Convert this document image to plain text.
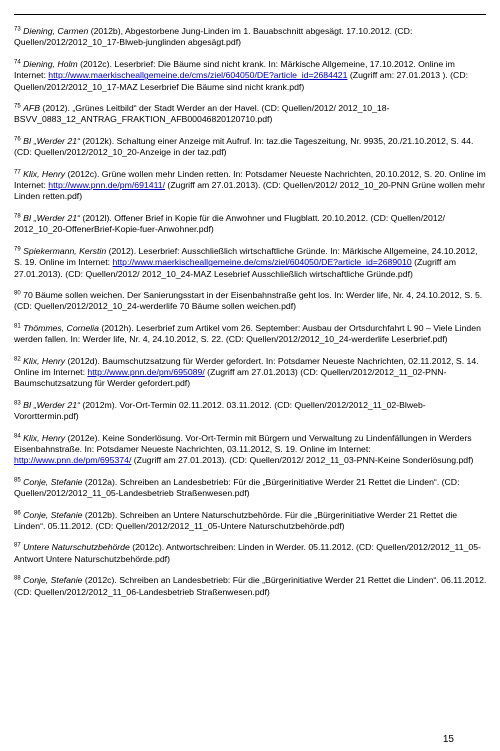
$^{73}$ Diening, Carmen (2012b), Abgestorbene Jung-Linden im 1. Bauabschnitt abgesägt. 17.10.2012. (CD: Quellen/2012/2012_10_17-Blweb-junglinden abgesägt.pdf)

$^{74}$ Diening, Holm (2012c). Leserbrief: Die Bäume sind nicht krank. In: Märkische Allgemeine, 17.10.2012. Online im Internet: http://www.maerkischeallgemeine.de/cms/ziel/604050/DE?article_id=2684421 (Zugriff am: 27.01.2013 ). (CD: Quellen/2012/2012_10_17-MAZ Leserbrief Die Bäume sind nicht krank.pdf)

$^{75}$ AFB (2012). „Grünes Leitbild“ der Stadt Werder an der Havel. (CD: Quellen/2012/ 2012_10_18-BSVV_0883_12_ANTRAG_FRAKTION_AFB00046820120710.pdf)

$^{76}$ BI „Werder 21“ (2012k). Schaltung einer Anzeige mit Aufruf. In: taz.die Tageszeitung, Nr. 9935, 20./21.10.2012, S. 44. (CD: Quellen/2012/2012_10_20-Anzeige in der taz.pdf)

$^{77}$ Klix, Henry (2012c). Grüne wollen mehr Linden retten. In: Potsdamer Neueste Nachrichten, 20.10.2012, S. 20. Online im Internet: http://www.pnn.de/pm/691411/ (Zugriff am 27.01.2013). (CD: Quellen/2012/ 2012_10_20-PNN Grüne wollen mehr Linden retten.pdf)

$^{78}$ BI „Werder 21“ (2012l). Offener Brief in Kopie für die Anwohner und Flugblatt. 20.10.2012. (CD: Quellen/2012/ 2012_10_20-OffenerBrief-Kopie-fuer-Anwohner.pdf)

$^{79}$ Spiekermann, Kerstin (2012). Leserbrief: Ausschließlich wirtschaftliche Gründe. In: Märkische Allgemeine, 24.10.2012, S. 19. Online im Internet: http://www.maerkischeallgemeine.de/cms/ziel/604050/DE?article_id=2689010 (Zugriff am 27.01.2013). (CD: Quellen/2012/ 2012_10_24-MAZ Lesebrief Ausschließlich wirtschaftliche Gründe.pdf)

$^{80}$ 70 Bäume sollen weichen. Der Sanierungsstart in der Eisenbahnstraße geht los. In: Werder life, Nr. 4, 24.10.2012, S. 5. (CD: Quellen/2012/2012_10_24-werderlife 70 Bäume sollen weichen.pdf)

$^{81}$ Thömmes, Cornelia (2012h). Leserbrief zum Artikel vom 26. September: Ausbau der Ortsdurchfahrt L 90 – Viele Linden werden fallen. In: Werder life, Nr. 4, 24.10.2012, S. 22. (CD: Quellen/2012/2012_10_24-werderlife Leserbrief.pdf)

$^{82}$ Klix, Henry (2012d). Baumschutzsatzung für Werder gefordert. In: Potsdamer Neueste Nachrichten, 02.11.2012, S. 14. Online im Internet: http://www.pnn.de/pm/695089/ (Zugriff am 27.01.2013) (CD: Quellen/2012/2012_11_02-PNN-Baumschutzsatzung für Werder gefordert.pdf)

$^{83}$ BI „Werder 21“ (2012m). Vor-Ort-Termin 02.11.2012. 03.11.2012. (CD: Quellen/2012/2012_11_02-Blweb-Vororttermin.pdf)

$^{84}$ Klix, Henry (2012e). Keine Sonderlösung. Vor-Ort-Termin mit Bürgern und Verwaltung zu Lindenfällungen in Werders Eisenbahnstraße. In: Potsdamer Neueste Nachrichten, 03.11.2012, S. 19. Online im Internet: http://www.pnn.de/pm/695374/ (Zugriff am 27.01.2013). (CD: Quellen/2012/ 2012_11_03-PNN-Keine Sonderlösung.pdf)

$^{85}$ Conje, Stefanie (2012a). Schreiben an Landesbetrieb: Für die „Bürgerinitiative Werder 21 Rettet die Linden“. (CD: Quellen/2012/2012_11_05-Landesbetrieb Straßenwesen.pdf)

$^{86}$ Conje, Stefanie (2012b). Schreiben an Untere Naturschutzbehörde. Für die „Bürgerinitiative Werder 21 Rettet die Linden“. 05.11.2012. (CD: Quellen/2012/2012_11_05-Untere Naturschutzbehörde.pdf)

$^{87}$ Untere Naturschutzbehörde (2012c). Antwortschreiben: Linden in Werder. 05.11.2012. (CD: Quellen/2012/2012_11_05-Antwort Untere Naturschutzbehörde.pdf)

$^{88}$ Conje, Stefanie (2012c). Schreiben an Landesbetrieb: Für die „Bürgerinitiative Werder 21 Rettet die Linden“. 06.11.2012. (CD: Quellen/2012/2012_11_06-Landesbetrieb Straßenwesen.pdf)

15
